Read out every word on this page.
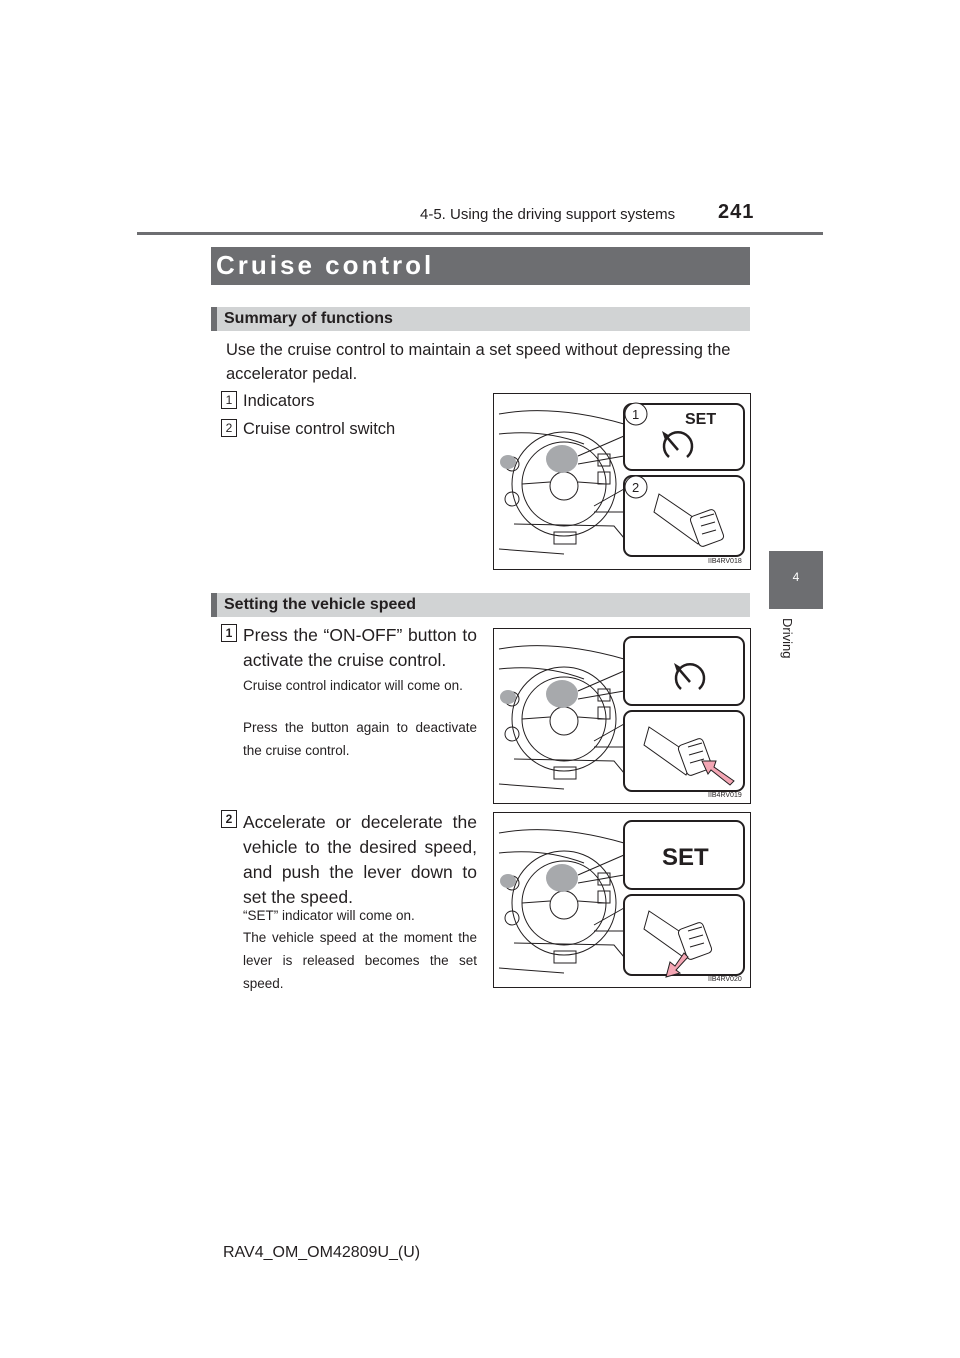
4-5. Using the driving support systems 241
4
Driving
Cruise control
Summary of functions
Use the cruise control to maintain a set speed without depressing the accelerator pedal.
1 Indicators
2 Cruise control switch
1
2
SET
IIB4RV018
Setting the vehicle speed
1 Press the “ON-OFF” button to activate the cruise control.
Cruise control indicator will come on.
Press the button again to deactivate the cruise control.
IIB4RV019
2 Accelerate or decelerate the vehicle to the desired speed, and push the lever down to set the speed.
“SET” indicator will come on.
The vehicle speed at the moment the lever is released becomes the set speed.
SET
IIB4RV020
RAV4_OM_OM42809U_(U)
